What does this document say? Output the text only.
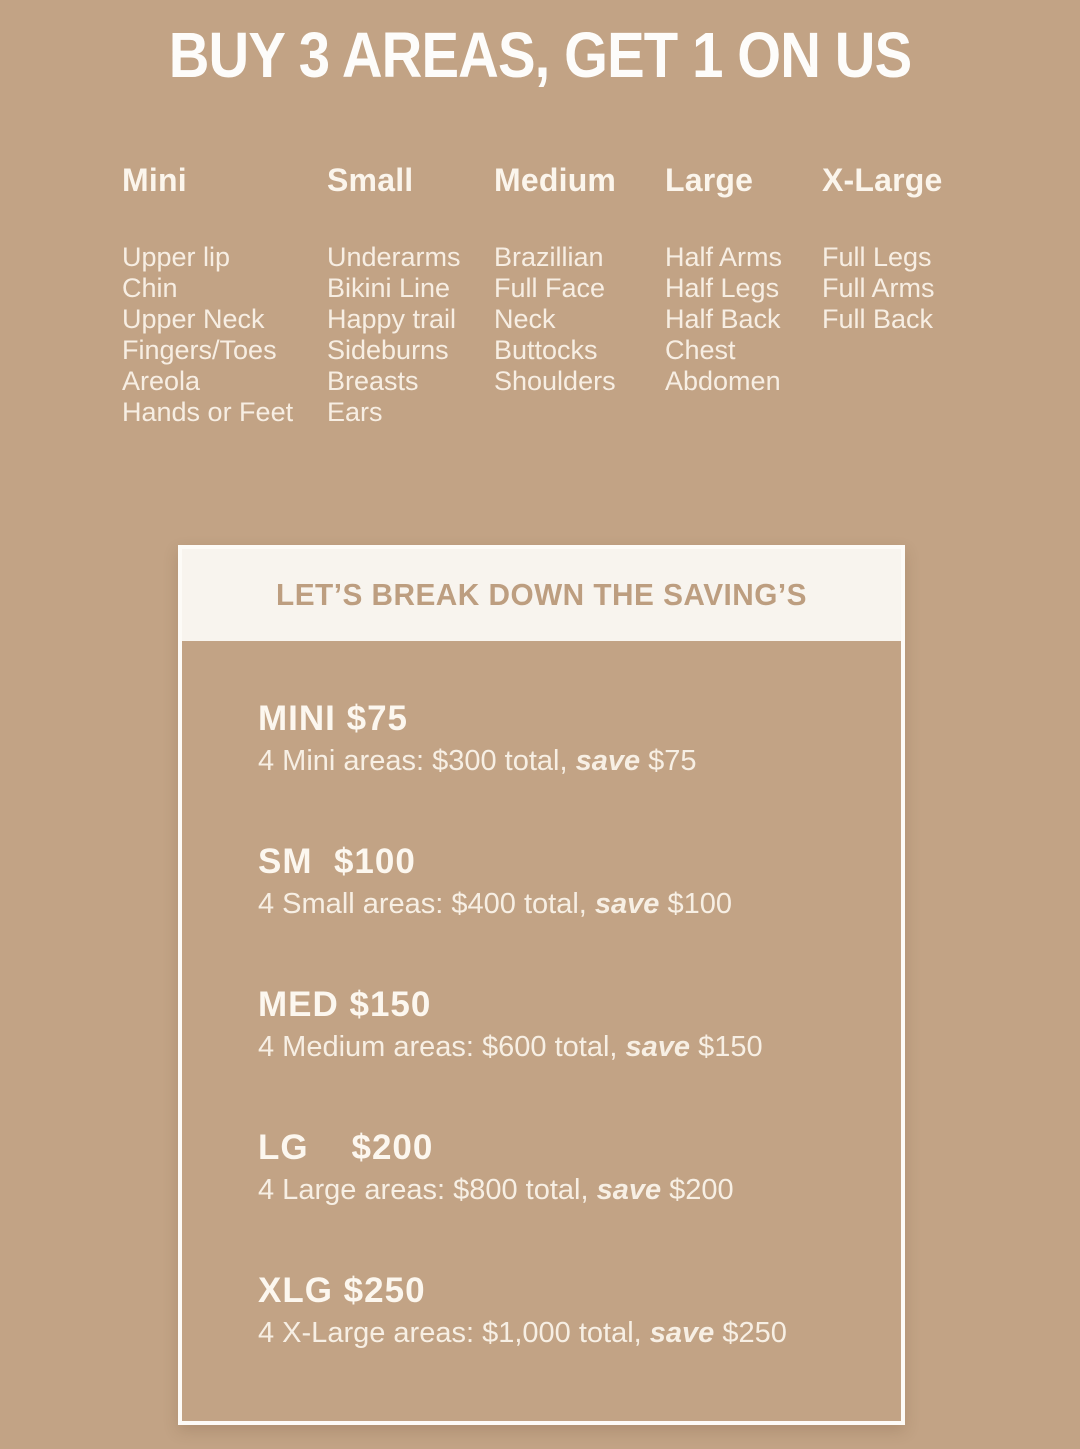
BUY 3 AREAS, GET 1 ON US
Mini
Upper lip
Chin
Upper Neck
Fingers/Toes
Areola
Hands or Feet
Small
Underarms
Bikini Line
Happy trail
Sideburns
Breasts
Ears
Medium
Brazillian
Full Face
Neck
Buttocks
Shoulders
Large
Half Arms
Half Legs
Half Back
Chest
Abdomen
X-Large
Full Legs
Full Arms
Full Back
LET’S BREAK DOWN THE SAVING’S
MINI $75
4 Mini areas: $300 total, save $75
SM  $100
4 Small areas: $400 total, save $100
MED $150
4 Medium areas: $600 total, save $150
LG    $200
4 Large areas: $800 total, save $200
XLG $250
4 X-Large areas: $1,000 total, save $250
